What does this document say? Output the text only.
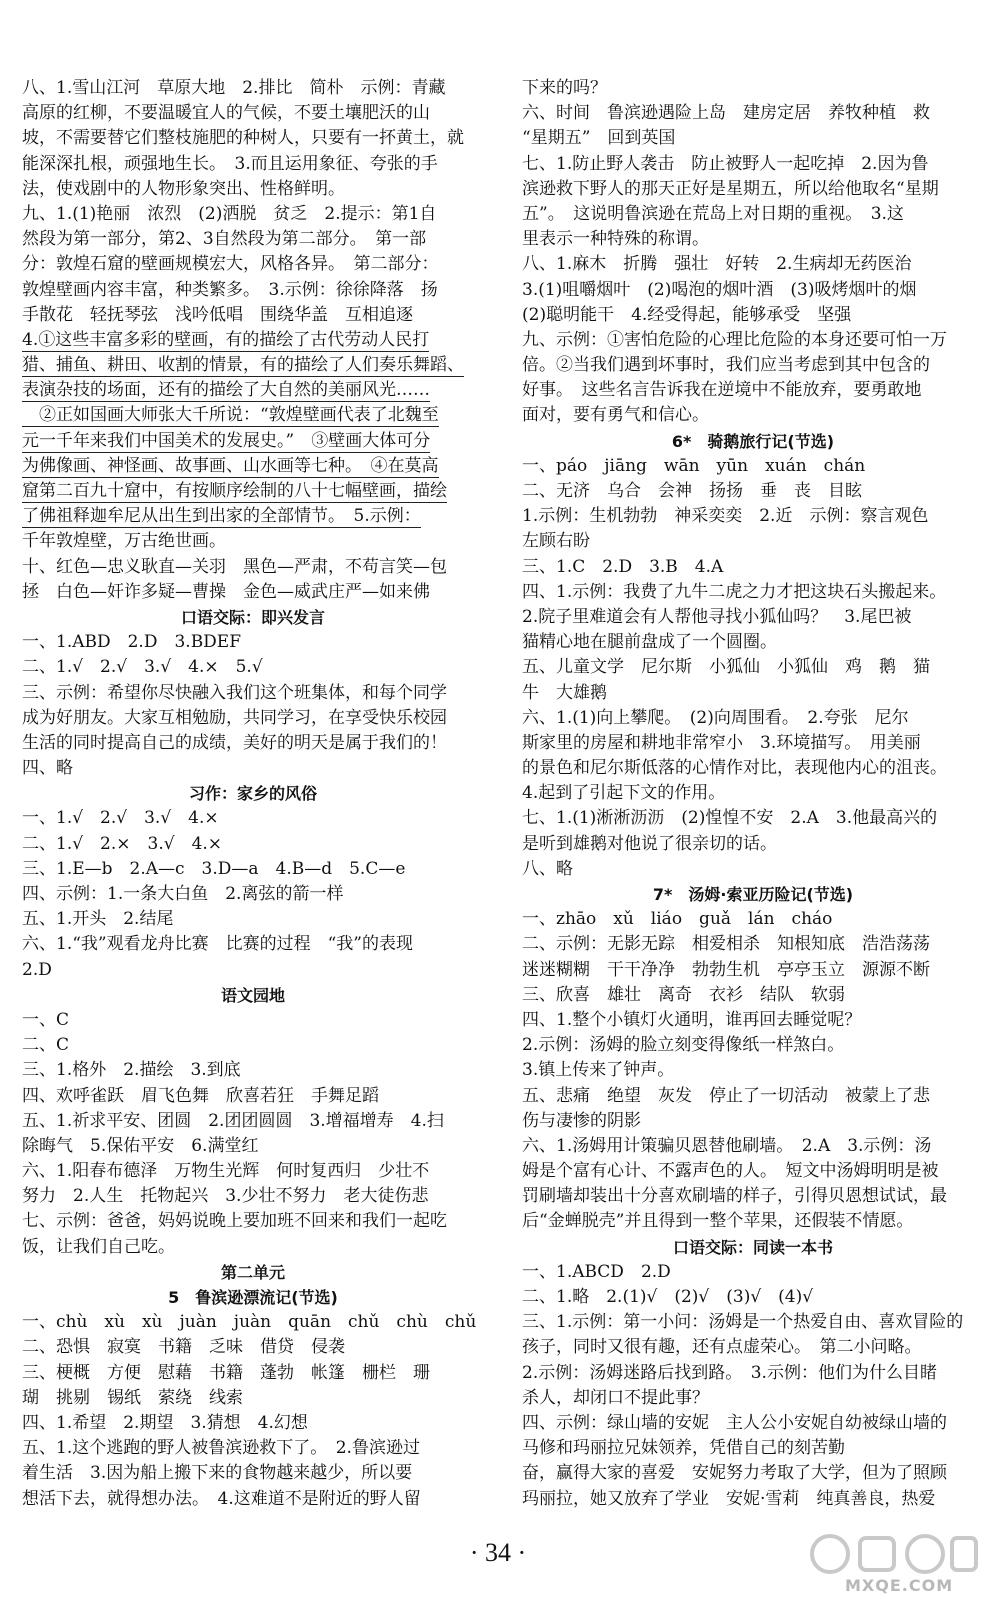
八、1.雪山江河　草原大地　2.排比　简朴　示例：青藏
高原的红柳，不要温暖宜人的气候，不要土壤肥沃的山
坡，不需要替它们整枝施肥的种树人，只要有一抔黄土，就
能深深扎根，顽强地生长。　3.而且运用象征、夸张的手
法，使戏剧中的人物形象突出、性格鲜明。
九、1.(1)艳丽　浓烈　(2)洒脱　贫乏　2.提示：第1自
然段为第一部分，第2、3自然段为第二部分。　第一部
分：敦煌石窟的壁画规模宏大，风格各异。　第二部分：
敦煌壁画内容丰富，种类繁多。　3.示例：徐徐降落　扬
手散花　轻抚琴弦　浅吟低唱　围绕华盖　互相追逐
4.①这些丰富多彩的壁画，有的描绘了古代劳动人民打
猎、捕鱼、耕田、收割的情景，有的描绘了人们奏乐舞蹈、
表演杂技的场面，还有的描绘了大自然的美丽风光……
　②正如国画大师张大千所说：“敦煌壁画代表了北魏至
元一千年来我们中国美术的发展史。”　③壁画大体可分
为佛像画、神怪画、故事画、山水画等七种。　④在莫高
窟第二百九十窟中，有按顺序绘制的八十七幅壁画，描绘
了佛祖释迦牟尼从出生到出家的全部情节。　5.示例：
千年敦煌壁，万古绝世画。
十、红色—忠义耿直—关羽　黑色—严肃，不苟言笑—包
拯　白色—奸诈多疑—曹操　金色—威武庄严—如来佛
口语交际：即兴发言
一、1.ABD　2.D　3.BDEF
二、1.√　2.√　3.√　4.×　5.√
三、示例：希望你尽快融入我们这个班集体，和每个同学
成为好朋友。大家互相勉励，共同学习，在享受快乐校园
生活的同时提高自己的成绩，美好的明天是属于我们的！
四、略
习作：家乡的风俗
一、1.√　2.√　3.√　4.×
二、1.√　2.×　3.√　4.×
三、1.E—b　2.A—c　3.D—a　4.B—d　5.C—e
四、示例：1.一条大白鱼　2.离弦的箭一样
五、1.开头　2.结尾
六、1.“我”观看龙舟比赛　比赛的过程　“我”的表现
2.D
语文园地
一、C
二、C
三、1.格外　2.描绘　3.到底
四、欢呼雀跃　眉飞色舞　欣喜若狂　手舞足蹈
五、1.祈求平安、团圆　2.团团圆圆　3.增福增寿　4.扫
除晦气　5.保佑平安　6.满堂红
六、1.阳春布德泽　万物生光辉　何时复西归　少壮不
努力　2.人生　托物起兴　3.少壮不努力　老大徒伤悲
七、示例：爸爸，妈妈说晚上要加班不回来和我们一起吃
饭，让我们自己吃。
第二单元
5　鲁滨逊漂流记(节选)
一、chù　xù　xù　juàn　juàn　quān　chǔ　chù　chǔ
二、恐惧　寂寞　书籍　乏味　借贷　侵袭
三、梗概　方便　慰藉　书籍　蓬勃　帐篷　栅栏　珊
瑚　挑剔　锡纸　萦绕　线索
四、1.希望　2.期望　3.猜想　4.幻想
五、1.这个逃跑的野人被鲁滨逊救下了。　2.鲁滨逊过
着生活　3.因为船上搬下来的食物越来越少，所以要
想活下去，就得想办法。　4.这难道不是附近的野人留
下来的吗？
六、时间　鲁滨逊遇险上岛　建房定居　养牧种植　救
“星期五”　回到英国
七、1.防止野人袭击　防止被野人一起吃掉　2.因为鲁
滨逊救下野人的那天正好是星期五，所以给他取名“星期
五”。　这说明鲁滨逊在荒岛上对日期的重视。　3.这
里表示一种特殊的称谓。
八、1.麻木　折腾　强壮　好转　2.生病却无药医治
3.(1)咀嚼烟叶　(2)喝泡的烟叶酒　(3)吸烤烟叶的烟
(2)聪明能干　4.经受得起，能够承受　坚强
九、示例：①害怕危险的心理比危险的本身还要可怕一万
倍。②当我们遇到坏事时，我们应当考虑到其中包含的
好事。　这些名言告诉我在逆境中不能放弃，要勇敢地
面对，要有勇气和信心。
6*　骑鹅旅行记(节选)
一、páo　jiāng　wān　yūn　xuán　chán
二、无济　乌合　会神　扬扬　垂　丧　目眩
1.示例：生机勃勃　神采奕奕　2.近　示例：察言观色
左顾右盼
三、1.C　2.D　3.B　4.A
四、1.示例：我费了九牛二虎之力才把这块石头搬起来。
2.院子里难道会有人帮他寻找小狐仙吗？　3.尾巴被
猫精心地在腿前盘成了一个圆圈。
五、儿童文学　尼尔斯　小狐仙　小狐仙　鸡　鹅　猫
牛　大雄鹅
六、1.(1)向上攀爬。　(2)向周围看。　2.夸张　尼尔
斯家里的房屋和耕地非常窄小　3.环境描写。　用美丽
的景色和尼尔斯低落的心情作对比，表现他内心的沮丧。
4.起到了引起下文的作用。
七、1.(1)淅淅沥沥　(2)惶惶不安　2.A　3.他最高兴的
是听到雄鹅对他说了很亲切的话。
八、略
7*　汤姆·索亚历险记(节选)
一、zhāo　xǔ　liáo　guǎ　lán　cháo
二、示例：无影无踪　相爱相杀　知根知底　浩浩荡荡
迷迷糊糊　干干净净　勃勃生机　亭亭玉立　源源不断
三、欣喜　雄壮　离奇　衣衫　结队　软弱
四、1.整个小镇灯火通明，谁再回去睡觉呢？
2.示例：汤姆的脸立刻变得像纸一样煞白。
3.镇上传来了钟声。
五、悲痛　绝望　灰发　停止了一切活动　被蒙上了悲
伤与凄惨的阴影
六、1.汤姆用计策骗贝恩替他刷墙。　2.A　3.示例：汤
姆是个富有心计、不露声色的人。　短文中汤姆明明是被
罚刷墙却装出十分喜欢刷墙的样子，引得贝恩想试试，最
后“金蝉脱壳”并且得到一整个苹果，还假装不情愿。
口语交际：同读一本书
一、1.ABCD　2.D
二、1.略　2.(1)√　(2)√　(3)√　(4)√
三、1.示例：第一小问：汤姆是一个热爱自由、喜欢冒险的
孩子，同时又很有趣，还有点虚荣心。　第二小问略。
2.示例：汤姆迷路后找到路。　3.示例：他们为什么目睹
杀人，却闭口不提此事？
四、示例：绿山墙的安妮　主人公小安妮自幼被绿山墙的
马修和玛丽拉兄妹领养，凭借自己的刻苦勤
奋，赢得大家的喜爱　安妮努力考取了大学，但为了照顾
玛丽拉，她又放弃了学业　安妮·雪莉　纯真善良，热爱
· 34 ·
MXQE.COM
